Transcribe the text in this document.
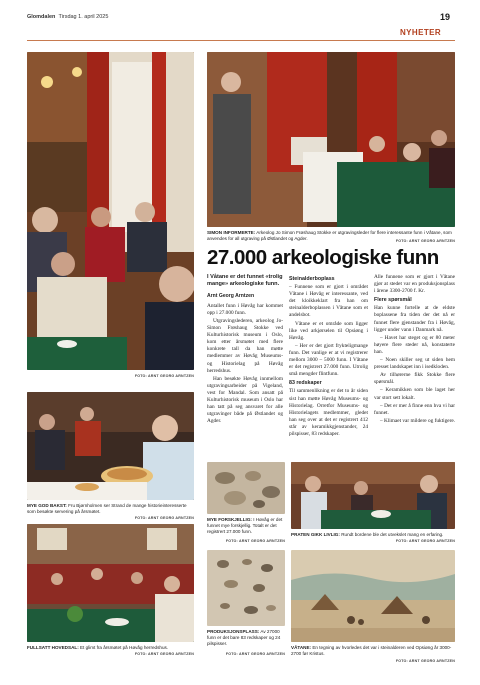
Glomdalen Tirsdag 1. april 2025	19
NYHETER
FOTO: ARNT GEORG ARNTZEN
SIMON INFORMERTE: Arkeolog Jo Simon Frøshaug Stokke er utgravingsleder for flere interessante funn i Våtane, som anvendes for all utgraving på Østlandet og Agder.
FOTO: ARNT GEORG ARNTZEN
27.000 arkeologiske funn

I Våtane er det funnet «trolig mange» arkeologiske funn.

Arnt Georg Arntzen

Antallet funn i Høvåg har kommet opp i 27.000 funn.

Utgravingslederen, arkeolog Jo-Simon Frøshaug Stokke ved Kulturhistorisk museum i Oslo, kom etter årsmøtet med flere konkrete tall da han møtte medlemmer av Høvåg Museums- og Historielag på Høvåg herredshus.

Han besøkte Høvåg innmellom utgravingsarbeider på Vigeland, vest for Mandal. Som ansatt på Kulturhistorisk museum i Oslo har han tatt på seg ansvaret for alle utgravinger både på Østlandet og Agder.

Steinalderboplass

– Funnene som er gjort i området Våtane i Høvåg er interessante, ved det kloikkeklart fra han om steinalderboplassen i Våtane som et andelsbot.

Våtane er et område som ligger like ved arkjørselen til Opsiøng i Høvåg.

– Her er det gjort frykteligmange funn. Det vanlige er at vi registrerer mellom 3000 – 5000 funn. I Våtane er det registrert 27.000 funn. Utrolig små mengder flintfunn.

83 redskaper

Til sammenlikning er det to år siden sist han møtte Høvåg Museums- og Historielag. Orretfor Museums- og Historielagets medlemmer, gledet han seg over at det er registrert 412 står av keramikkgjenstander, 24 pilspisser, 83 redskaper.

Alle funnene som er gjort i Våtane gjør at stedet var en produksjonsplass i årene 3300-2700 f. Kr.

Flere spørsmål

Han kunne fortelle at de eldste boplassene fra tiden der det nå er funnet flere gjenstander fra i Høvåg, ligger under vann i Danmark nå.

– Havet har steget og er 80 meter høyere flere steder nå, konstaterte han.

– Noen skiller seg ut siden hem presset landskapet inn i isedkloden.

Av tilhørerne fikk Stokke flere spørsmål.

– Keramikken som ble laget her var stort sett lokalt.

– Det er mer å finne enn hva vi har funnet.

– Klimaet var mildere og fuktigere.

MYE GOD BAKST: Fru Bjørnholmen ser Strand de mange historieinteresserte som besøkte servering på årsmøtet.
FOTO: ARNT GEORG ARNTZEN
FULLSATT HOVEDSAL: Et glimt fra årsmøtet på Høvåg herredshus.
FOTO: ARNT GEORG ARNTZEN
MYE FORSKJELLIG: I Høvåg er det funnet mye forskjellig. Totalt er det registrert 27.000 funn.
FOTO: ARNT GEORG ARNTZEN
PRATEN GIKK LIVLIG: Rundt bordene ble det utvekslet mang en erfaring.
FOTO: ARNT GEORG ARNTZEN
PRODUKSJONSPLASS: Av 27000 funn er det bare 83 redskaper og 24 pilspisser.
FOTO: ARNT GEORG ARNTZEN
VÅTANE: En tegning av hvorledes det var i steinalderen ved Opsiøng år 3000-2700 før Kristus.
FOTO: ARNT GEORG ARNTZEN
